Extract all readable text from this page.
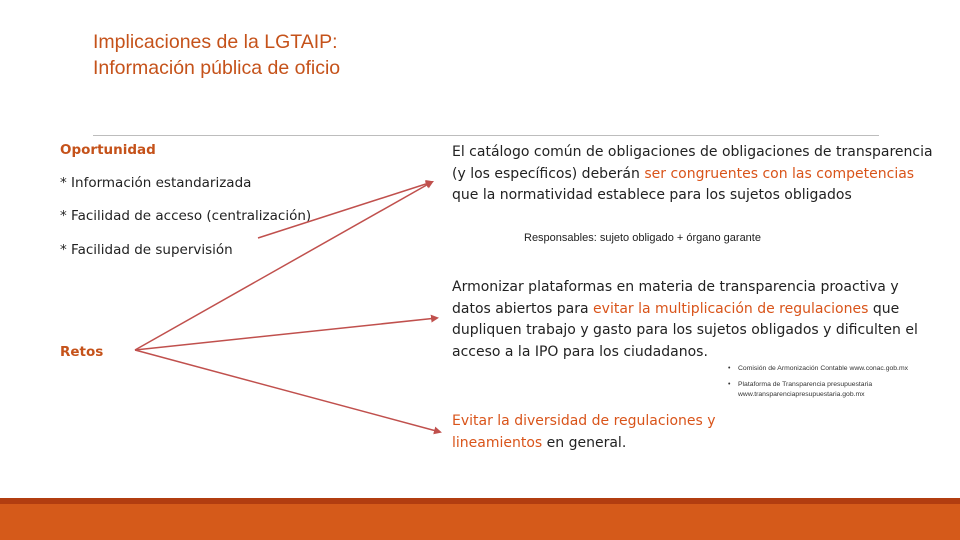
Implicaciones de la LGTAIP:
Información pública de oficio
Oportunidad
* Información estandarizada
* Facilidad de acceso (centralización)
* Facilidad de supervisión
Retos
El catálogo común de obligaciones de obligaciones de transparencia (y los específicos) deberán ser congruentes con las competencias que la normatividad establece para los sujetos obligados
Responsables: sujeto obligado + órgano garante
Armonizar plataformas en materia de transparencia proactiva y datos abiertos para evitar la multiplicación de regulaciones que dupliquen trabajo y gasto para los sujetos obligados y dificulten el acceso a la IPO para los ciudadanos.
• Comisión de Armonización Contable www.conac.gob.mx
• Plataforma de Transparencia presupuestaria www.transparenciapresupuestaria.gob.mx
Evitar la diversidad de regulaciones y lineamientos en general.
